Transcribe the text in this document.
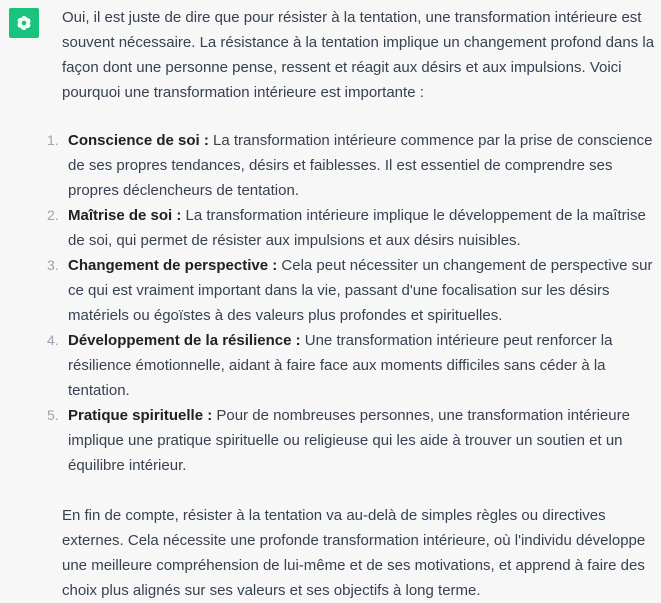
Oui, il est juste de dire que pour résister à la tentation, une transformation intérieure est souvent nécessaire. La résistance à la tentation implique un changement profond dans la façon dont une personne pense, ressent et réagit aux désirs et aux impulsions. Voici pourquoi une transformation intérieure est importante :

1. Conscience de soi : La transformation intérieure commence par la prise de conscience de ses propres tendances, désirs et faiblesses. Il est essentiel de comprendre ses propres déclencheurs de tentation.
2. Maîtrise de soi : La transformation intérieure implique le développement de la maîtrise de soi, qui permet de résister aux impulsions et aux désirs nuisibles.
3. Changement de perspective : Cela peut nécessiter un changement de perspective sur ce qui est vraiment important dans la vie, passant d'une focalisation sur les désirs matériels ou égoïstes à des valeurs plus profondes et spirituelles.
4. Développement de la résilience : Une transformation intérieure peut renforcer la résilience émotionnelle, aidant à faire face aux moments difficiles sans céder à la tentation.
5. Pratique spirituelle : Pour de nombreuses personnes, une transformation intérieure implique une pratique spirituelle ou religieuse qui les aide à trouver un soutien et un équilibre intérieur.

En fin de compte, résister à la tentation va au-delà de simples règles ou directives externes. Cela nécessite une profonde transformation intérieure, où l'individu développe une meilleure compréhension de lui-même et de ses motivations, et apprend à faire des choix plus alignés sur ses valeurs et ses objectifs à long terme.
